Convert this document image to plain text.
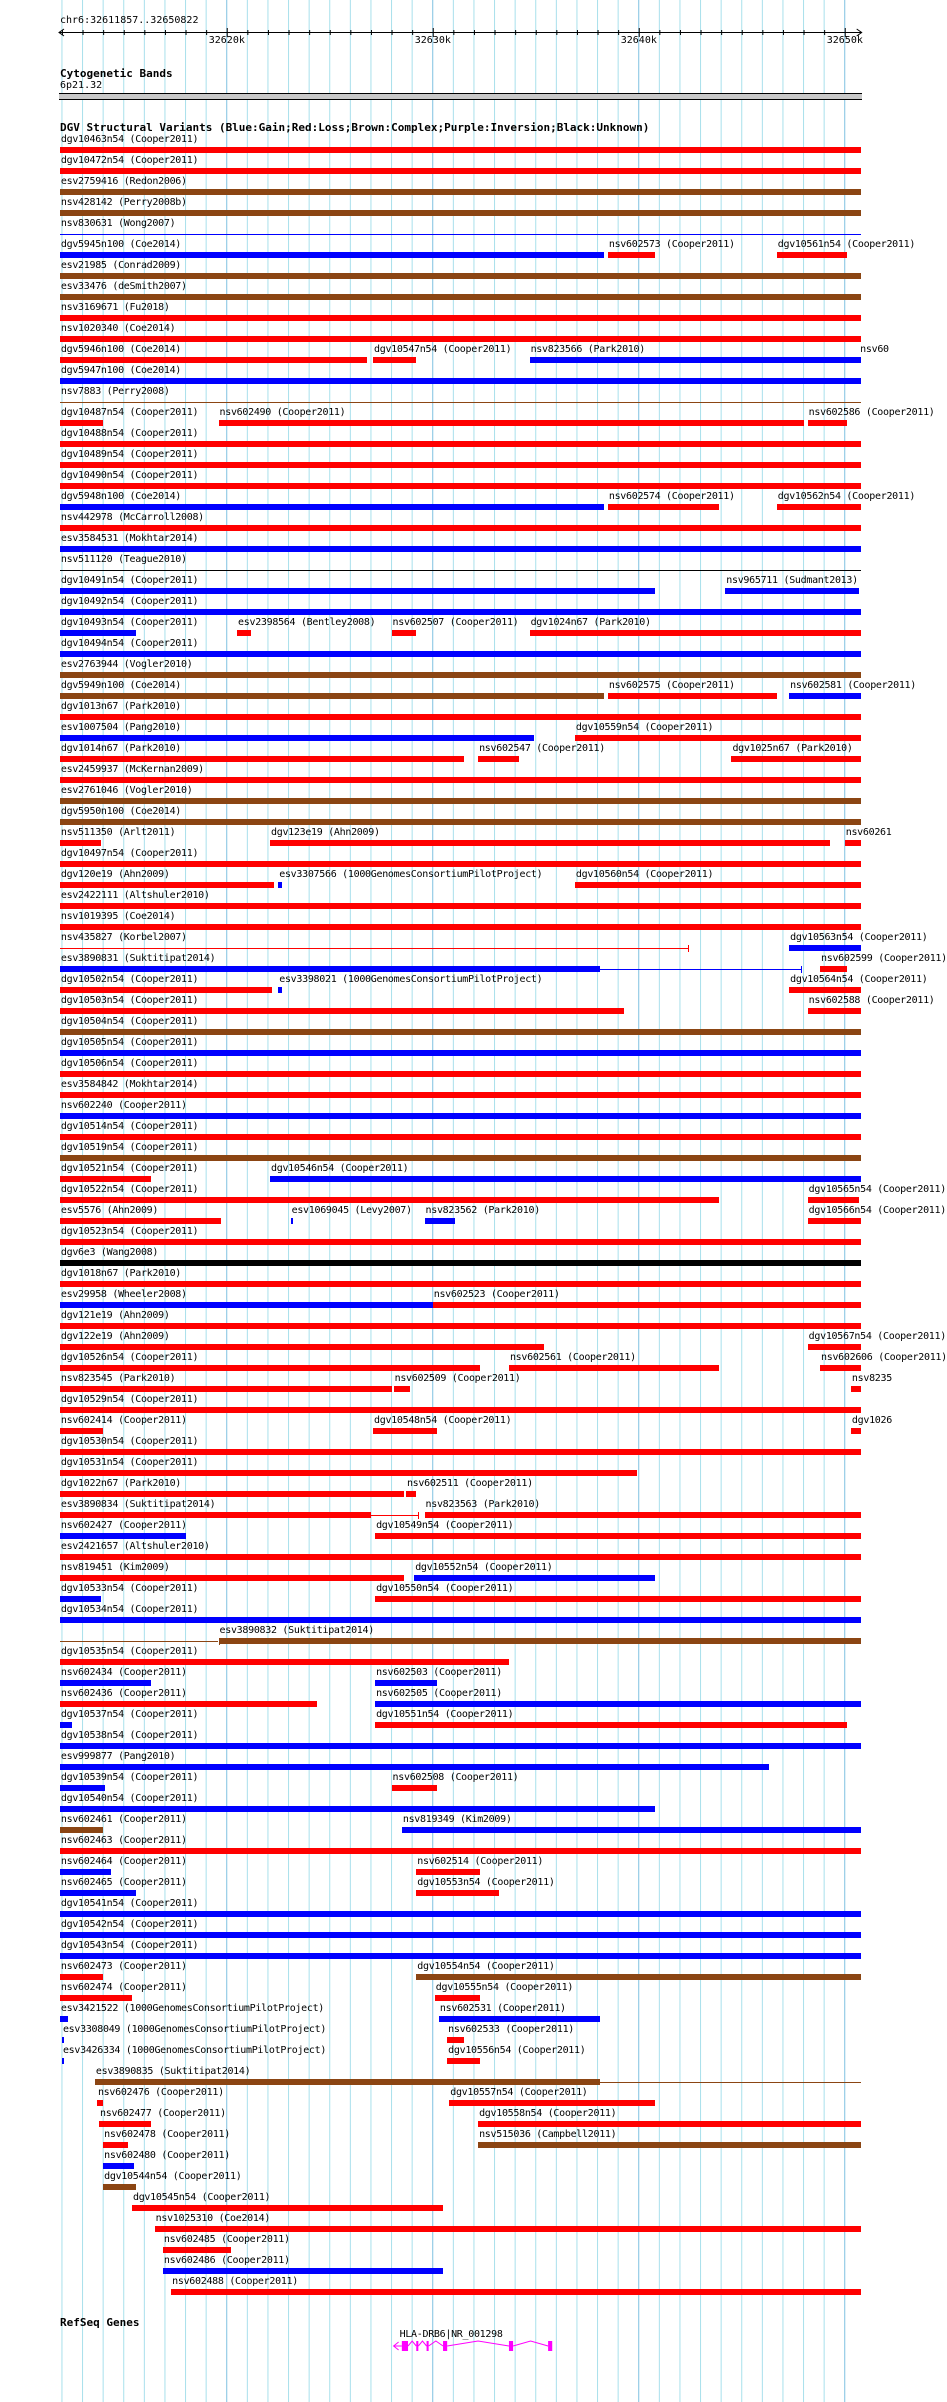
chr6:32611857..32650822
32620k	32630k	32640k	32650k
Cytogenetic Bands
6p21.32
DGV Structural Variants (Blue:Gain;Red:Loss;Brown:Complex;Purple:Inversion;Black:Unknown)
dgv10463n54 (Cooper2011)
dgv10472n54 (Cooper2011)
esv2759416 (Redon2006)
nsv428142 (Perry2008b)
nsv830631 (Wong2007)
dgv5945n100 (Coe2014)	nsv602573 (Cooper2011)	dgv10561n54 (Cooper2011)
esv21985 (Conrad2009)
esv33476 (deSmith2007)
nsv3169671 (Fu2018)
nsv1020340 (Coe2014)
dgv5946n100 (Coe2014)	dgv10547n54 (Cooper2011) nsv823566 (Park2010)	nsv60
dgv5947n100 (Coe2014)
nsv7883 (Perry2008)
dgv10487n54 (Cooper2011) nsv602490 (Cooper2011)	nsv602586 (Cooper2011)
dgv10488n54 (Cooper2011)
dgv10489n54 (Cooper2011)
dgv10490n54 (Cooper2011)
dgv5948n100 (Coe2014)	nsv602574 (Cooper2011)	dgv10562n54 (Cooper2011)
nsv442978 (McCarroll2008)
esv3584531 (Mokhtar2014)
nsv511120 (Teague2010)
dgv10491n54 (Cooper2011)	nsv965711 (Sudmant2013)
dgv10492n54 (Cooper2011)
dgv10493n54 (Cooper2011)	esv2398564 (Bentley2008) nsv602507 (Cooper2011) dgv1024n67 (Park2010)
dgv10494n54 (Cooper2011)
esv2763944 (Vogler2010)
dgv5949n100 (Coe2014)	nsv602575 (Cooper2011)	nsv602581 (Cooper2011)
dgv1013n67 (Park2010)
esv1007504 (Pang2010)	dgv10559n54 (Cooper2011)
dgv1014n67 (Park2010)	nsv602547 (Cooper2011)	dgv1025n67 (Park2010)
esv2459937 (McKernan2009)
esv2761046 (Vogler2010)
dgv5950n100 (Coe2014)
nsv511350 (Arlt2011)	dgv123e19 (Ahn2009)	nsv60261
dgv10497n54 (Cooper2011)
dgv120e19 (Ahn2009)	esv3307566 (1000GenomesConsortiumPilotProject)	dgv10560n54 (Cooper2011)
esv2422111 (Altshuler2010)
nsv1019395 (Coe2014)
nsv435827 (Korbel2007)	dgv10563n54 (Cooper2011)
esv3890831 (Suktitipat2014)	nsv602599 (Cooper2011)
dgv10502n54 (Cooper2011)	esv3398021 (1000GenomesConsortiumPilotProject)	dgv10564n54 (Cooper2011)
dgv10503n54 (Cooper2011)	nsv602588 (Cooper2011)
dgv10504n54 (Cooper2011)
dgv10505n54 (Cooper2011)
dgv10506n54 (Cooper2011)
esv3584842 (Mokhtar2014)
nsv602240 (Cooper2011)
dgv10514n54 (Cooper2011)
dgv10519n54 (Cooper2011)
dgv10521n54 (Cooper2011)	dgv10546n54 (Cooper2011)
dgv10522n54 (Cooper2011)	dgv10565n54 (Cooper2011)
esv5576 (Ahn2009)	esv1069045 (Levy2007) nsv823562 (Park2010)	dgv10566n54 (Cooper2011)
dgv10523n54 (Cooper2011)
dgv6e3 (Wang2008)
dgv1018n67 (Park2010)
esv29958 (Wheeler2008)	nsv602523 (Cooper2011)
dgv121e19 (Ahn2009)
dgv122e19 (Ahn2009)	dgv10567n54 (Cooper2011)
dgv10526n54 (Cooper2011)	nsv602561 (Cooper2011)	nsv602606 (Cooper2011)
nsv823545 (Park2010)	nsv602509 (Cooper2011)	nsv8235
dgv10529n54 (Cooper2011)
nsv602414 (Cooper2011)	dgv10548n54 (Cooper2011)	dgv1026
dgv10530n54 (Cooper2011)
dgv10531n54 (Cooper2011)
dgv1022n67 (Park2010)	nsv602511 (Cooper2011)
esv3890834 (Suktitipat2014)	nsv823563 (Park2010)
nsv602427 (Cooper2011)	dgv10549n54 (Cooper2011)
esv2421657 (Altshuler2010)
nsv819451 (Kim2009)	dgv10552n54 (Cooper2011)
dgv10533n54 (Cooper2011)	dgv10550n54 (Cooper2011)
dgv10534n54 (Cooper2011)
esv3890832 (Suktitipat2014)
dgv10535n54 (Cooper2011)
nsv602434 (Cooper2011)	nsv602503 (Cooper2011)
nsv602436 (Cooper2011)	nsv602505 (Cooper2011)
dgv10537n54 (Cooper2011)	dgv10551n54 (Cooper2011)
dgv10538n54 (Cooper2011)
esv999877 (Pang2010)
dgv10539n54 (Cooper2011)	nsv602508 (Cooper2011)
dgv10540n54 (Cooper2011)
nsv602461 (Cooper2011)	nsv819349 (Kim2009)
nsv602463 (Cooper2011)
nsv602464 (Cooper2011)	nsv602514 (Cooper2011)
nsv602465 (Cooper2011)	dgv10553n54 (Cooper2011)
dgv10541n54 (Cooper2011)
dgv10542n54 (Cooper2011)
dgv10543n54 (Cooper2011)
nsv602473 (Cooper2011)	dgv10554n54 (Cooper2011)
nsv602474 (Cooper2011)	dgv10555n54 (Cooper2011)
esv3421522 (1000GenomesConsortiumPilotProject)	nsv602531 (Cooper2011)
esv3308049 (1000GenomesConsortiumPilotProject)	nsv602533 (Cooper2011)
esv3426334 (1000GenomesConsortiumPilotProject)	dgv10556n54 (Cooper2011)
esv3890835 (Suktitipat2014)
nsv602476 (Cooper2011)	dgv10557n54 (Cooper2011)
nsv602477 (Cooper2011)	dgv10558n54 (Cooper2011)
nsv602478 (Cooper2011)	nsv515036 (Campbell2011)
nsv602480 (Cooper2011)
dgv10544n54 (Cooper2011)
dgv10545n54 (Cooper2011)
nsv1025310 (Coe2014)
nsv602485 (Cooper2011)
nsv602486 (Cooper2011)
nsv602488 (Cooper2011)
RefSeq Genes
HLA-DRB6|NR_001298
